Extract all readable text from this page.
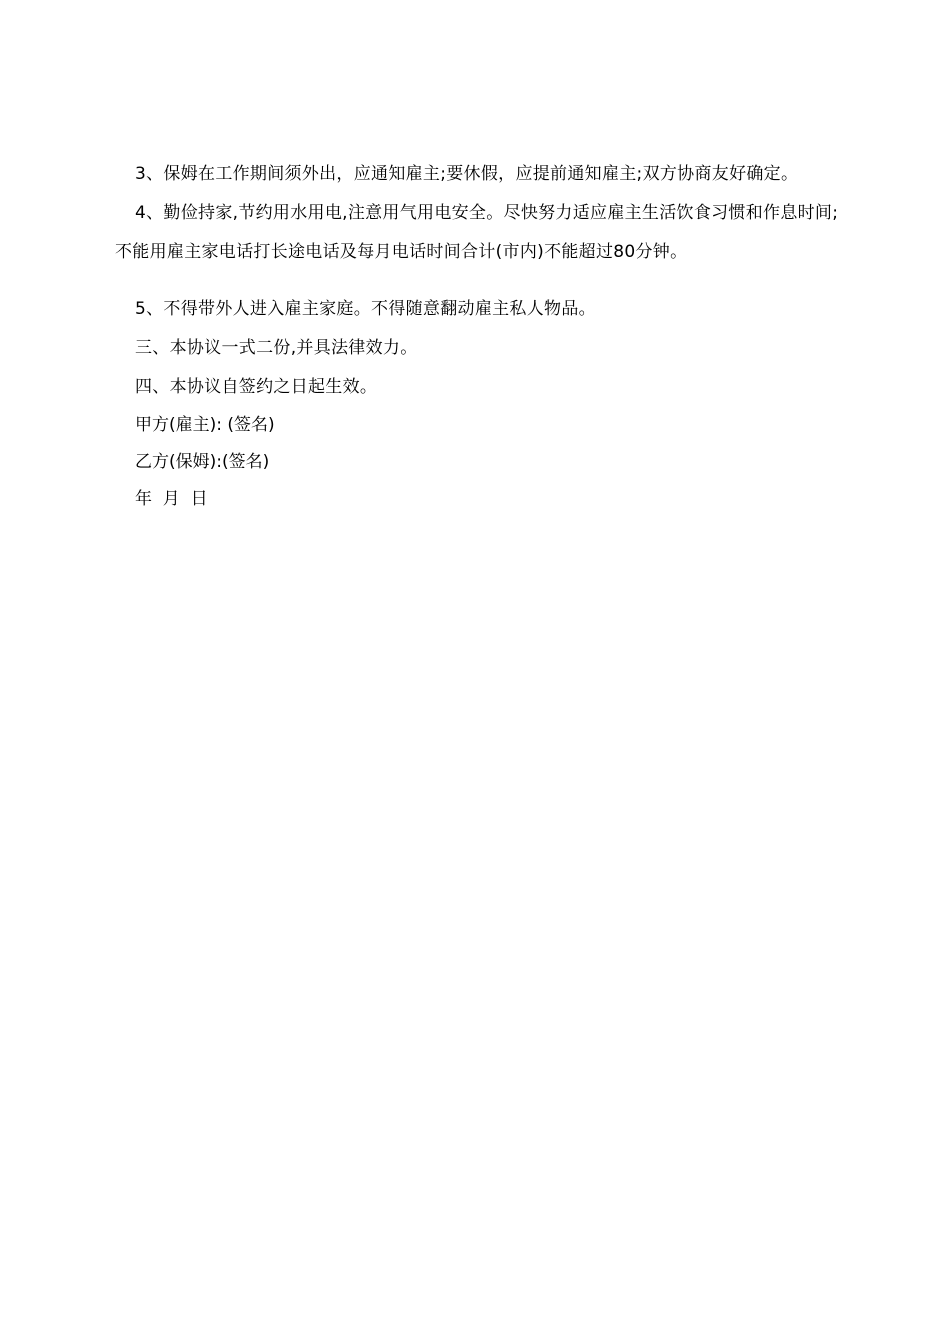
3、保姆在工作期间须外出，应通知雇主;要休假，应提前通知雇主;双方协商友好确定。

4、勤俭持家,节约用水用电,注意用气用电安全。尽快努力适应雇主生活饮食习惯和作息时间;不能用雇主家电话打长途电话及每月电话时间合计(市内)不能超过80分钟。

5、不得带外人进入雇主家庭。不得随意翻动雇主私人物品。

三、本协议一式二份,并具法律效力。

四、本协议自签约之日起生效。

甲方(雇主): (签名)

乙方(保姆):(签名)

年  月  日
